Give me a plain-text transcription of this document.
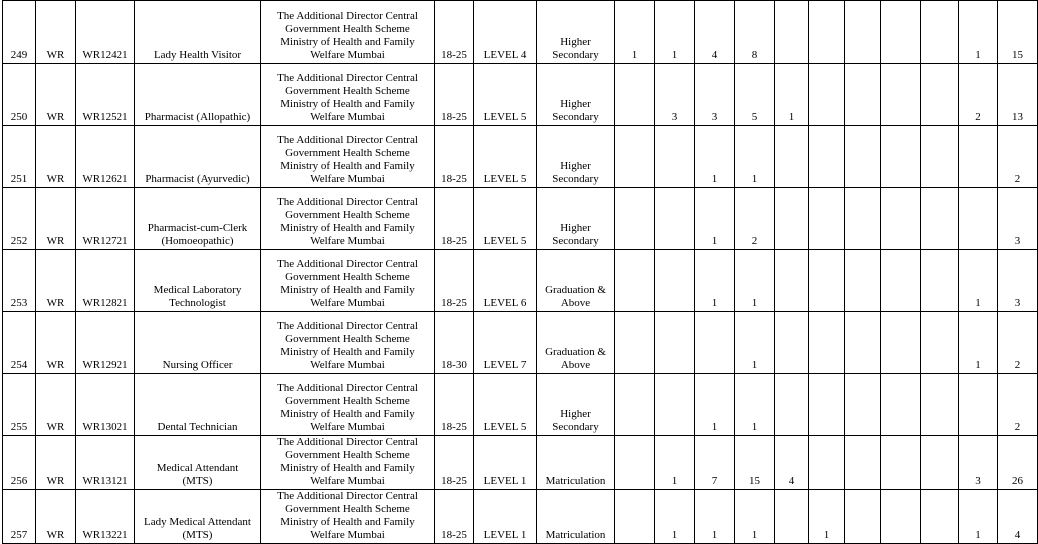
249	WR	WR12421	Lady Health Visitor	The Additional Director Central
Government Health Scheme
Ministry of Health and Family
Welfare Mumbai	18-25	LEVEL 4	Higher
Secondary	1	1	4	8						1	15
250	WR	WR12521	Pharmacist (Allopathic)	The Additional Director Central
Government Health Scheme
Ministry of Health and Family
Welfare Mumbai	18-25	LEVEL 5	Higher
Secondary		3	3	5	1					2	13
251	WR	WR12621	Pharmacist (Ayurvedic)	The Additional Director Central
Government Health Scheme
Ministry of Health and Family
Welfare Mumbai	18-25	LEVEL 5	Higher
Secondary			1	1							2
252	WR	WR12721	Pharmacist-cum-Clerk
(Homoeopathic)	The Additional Director Central
Government Health Scheme
Ministry of Health and Family
Welfare Mumbai	18-25	LEVEL 5	Higher
Secondary			1	2							3
253	WR	WR12821	Medical Laboratory
Technologist	The Additional Director Central
Government Health Scheme
Ministry of Health and Family
Welfare Mumbai	18-25	LEVEL 6	Graduation &
Above			1	1						1	3
254	WR	WR12921	Nursing Officer	The Additional Director Central
Government Health Scheme
Ministry of Health and Family
Welfare Mumbai	18-30	LEVEL 7	Graduation &
Above				1						1	2
255	WR	WR13021	Dental Technician	The Additional Director Central
Government Health Scheme
Ministry of Health and Family
Welfare Mumbai	18-25	LEVEL 5	Higher
Secondary			1	1							2
256	WR	WR13121	Medical Attendant
(MTS)	The Additional Director Central
Government Health Scheme
Ministry of Health and Family
Welfare Mumbai	18-25	LEVEL 1	Matriculation		1	7	15	4					3	26
257	WR	WR13221	Lady Medical Attendant
(MTS)	The Additional Director Central
Government Health Scheme
Ministry of Health and Family
Welfare Mumbai	18-25	LEVEL 1	Matriculation		1	1	1		1				1	4
